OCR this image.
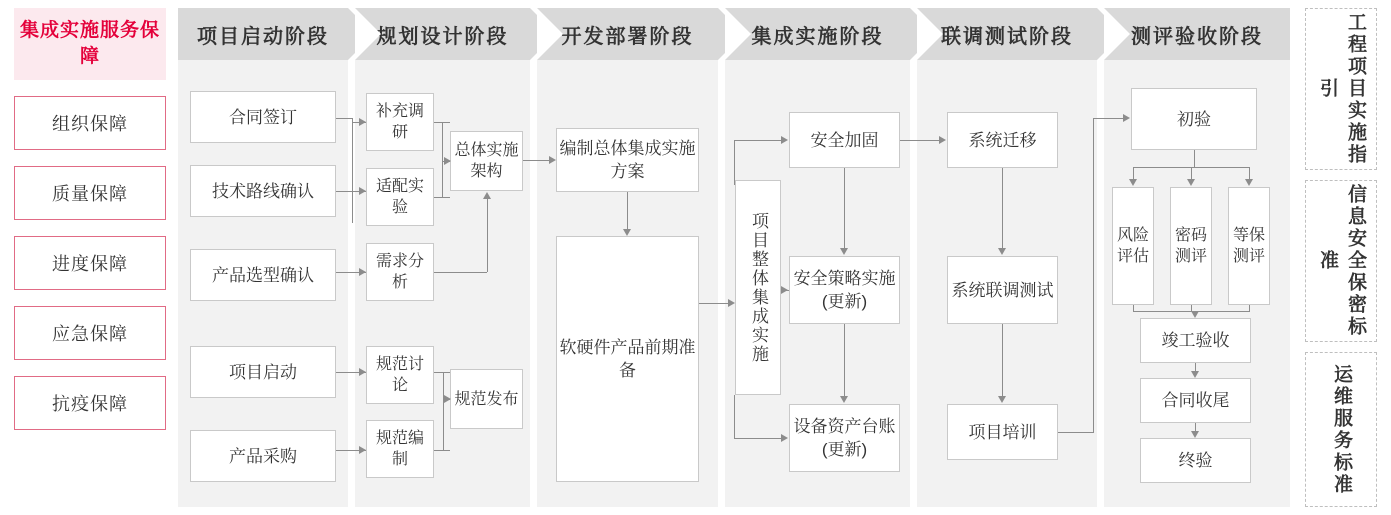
集成实施服务保障
组织保障
质量保障
进度保障
应急保障
抗疫保障
项目启动阶段 规划设计阶段	开发部署阶段	集成实施阶段	联调测试阶段	测评验收阶段
合同签订
技术路线确认
产品选型确认
项目启动
产品采购
补充调研
适配实验
需求分析
规范讨论
规范编制
总体实施架构
规范发布
编制总体集成实施方案
软硬件产品前期准备
项目整体集成实施
安全加固
安全策略实施(更新)
设备资产台账(更新)
系统迁移
系统联调测试
项目培训
初验
风险评估
密码测评
等保测评
竣工验收
合同收尾
终验
工程项目实施指引
信息安全保密标准
运维服务标准
